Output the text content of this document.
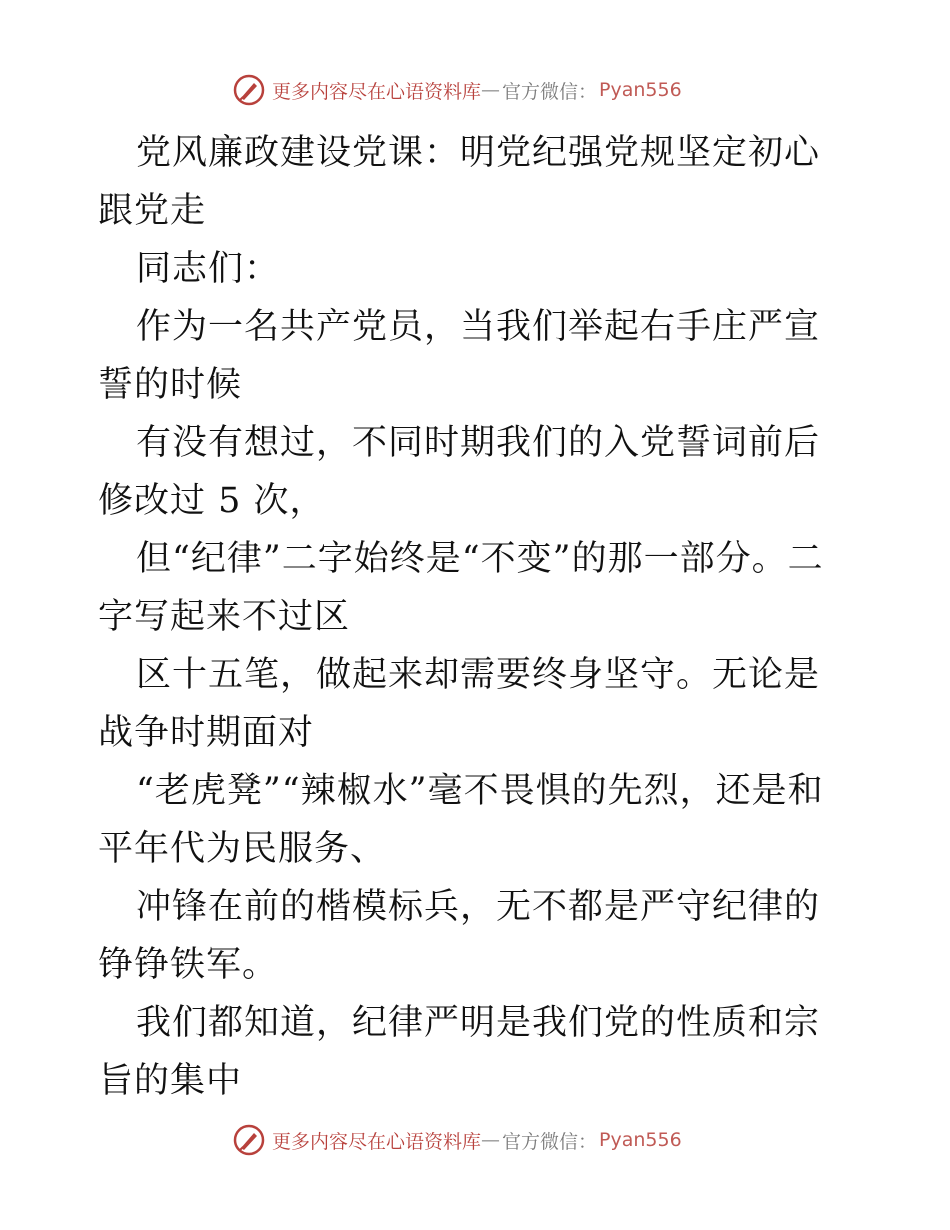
更多内容尽在心语资料库 — 官方微信： Pyan556

党风廉政建设党课：明党纪强党规坚定初心跟党走

同志们：

作为一名共产党员，当我们举起右手庄严宣誓的时候

有没有想过，不同时期我们的入党誓词前后修改过 5 次，

但“纪律”二字始终是“不变”的那一部分。二字写起来不过区

区十五笔，做起来却需要终身坚守。无论是战争时期面对

“老虎凳”“辣椒水”毫不畏惧的先烈，还是和平年代为民服务、

冲锋在前的楷模标兵，无不都是严守纪律的铮铮铁军。

我们都知道，纪律严明是我们党的性质和宗旨的集中

更多内容尽在心语资料库 — 官方微信： Pyan556
